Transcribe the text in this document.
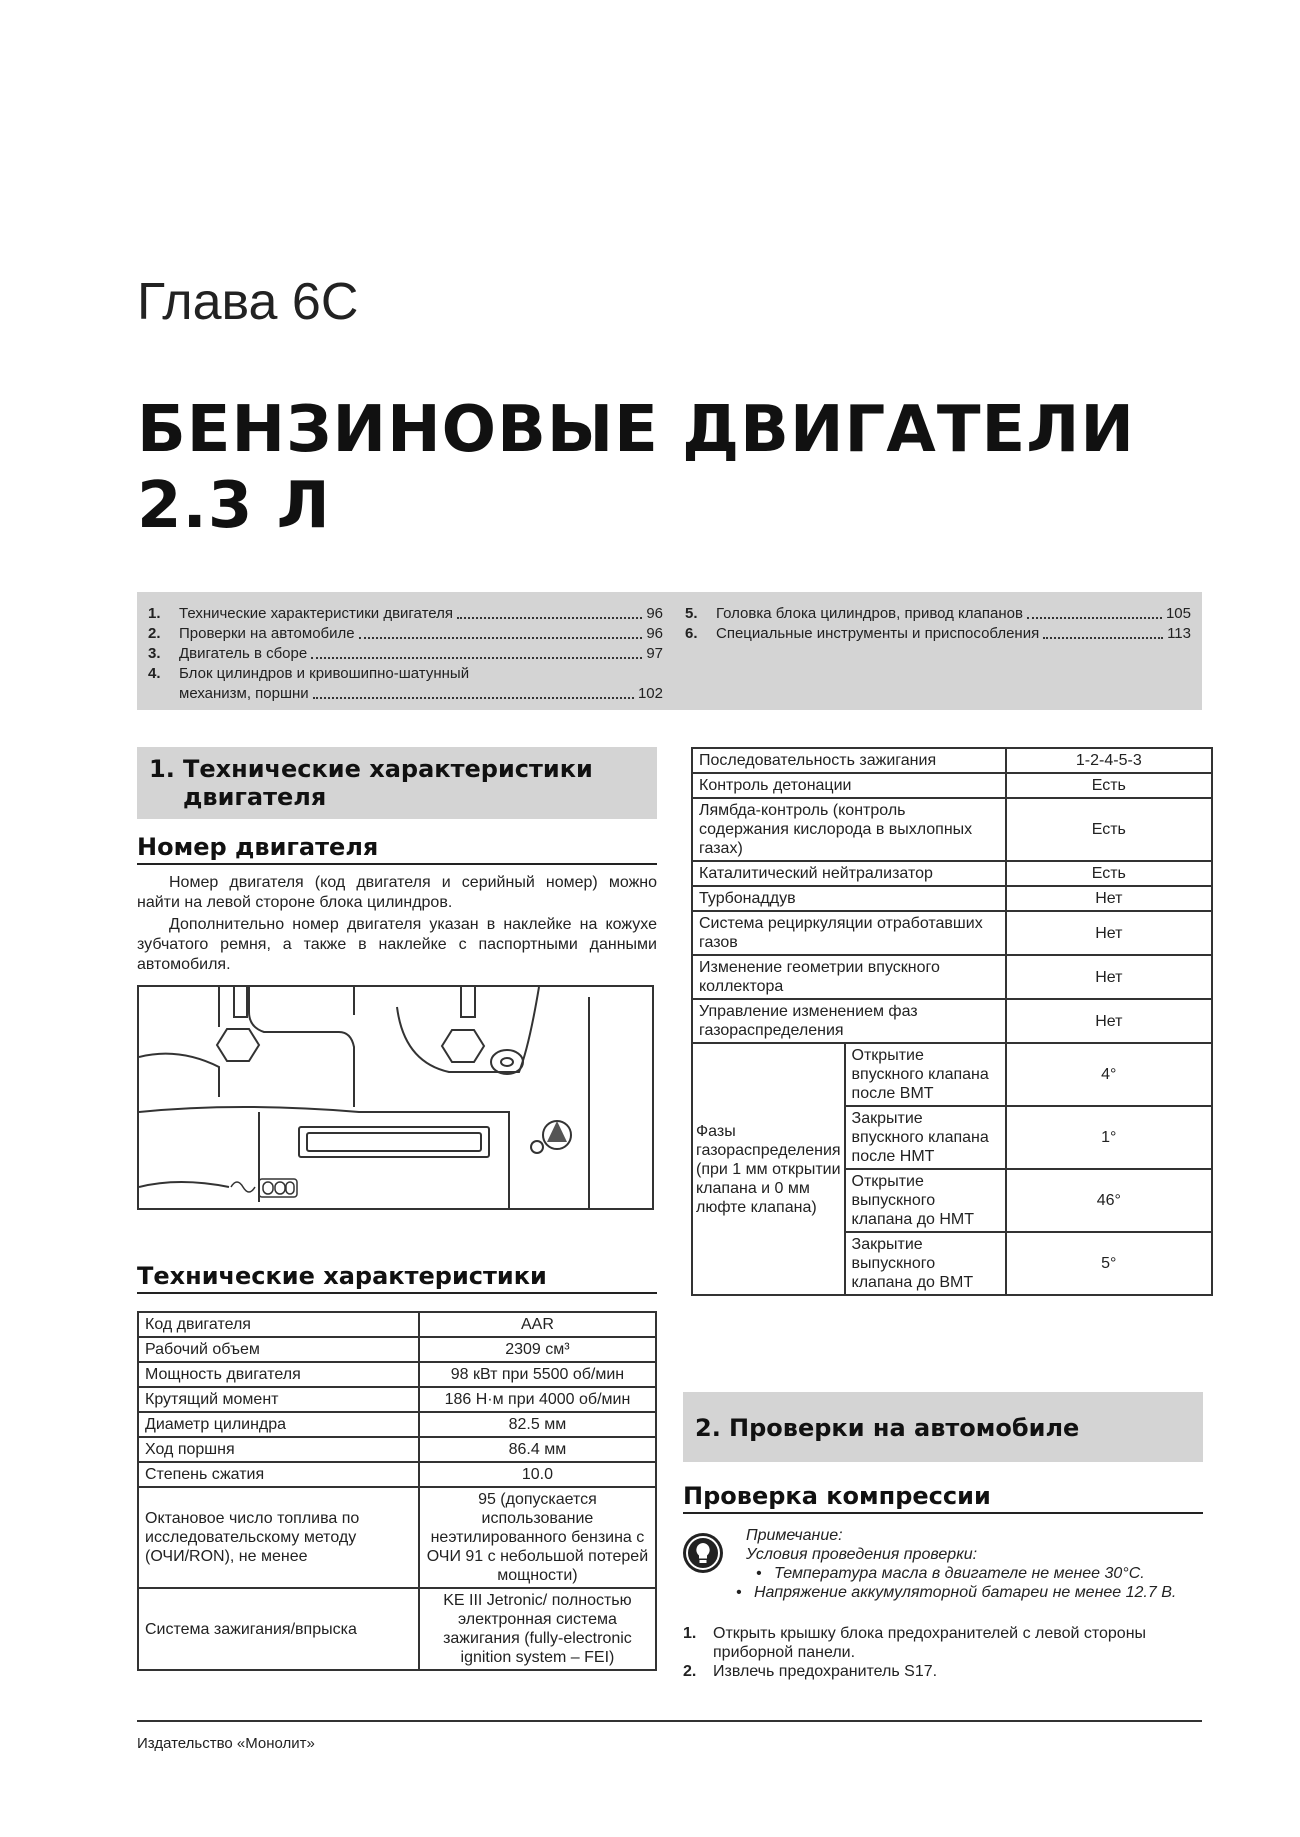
Глава 6С
БЕНЗИНОВЫЕ ДВИГАТЕЛИ
2.3 Л
1.	Технические характеристики двигателя	96
2.	Проверки на автомобиле	96
3.	Двигатель в сборе	97
4.	Блок цилиндров и кривошипно-шатунный
механизм, поршни	102
5.	Головка блока цилиндров, привод клапанов	105
6.	Специальные инструменты и приспособления	113
1. Технические характеристики
двигателя
Номер двигателя
Номер двигателя (код двигателя и серийный номер) можно найти на левой стороне блока цилиндров.
Дополнительно номер двигателя указан в наклейке на кожухе зубчатого ремня, а также в наклейке с паспортными данными автомобиля.
Технические характеристики
Код двигателя	AAR
Рабочий объем	2309 см³
Мощность двигателя	98 кВт при 5500 об/мин
Крутящий момент	186 Н·м при 4000 об/мин
Диаметр цилиндра	82.5 мм
Ход поршня	86.4 мм
Степень сжатия	10.0
Октановое число топлива по исследовательскому методу (ОЧИ/RON), не менее	95 (допускается использование неэтилированного бензина с ОЧИ 91 с небольшой потерей мощности)
Система зажигания/впрыска	KE III Jetronic/ полностью электронная система зажигания (fully-electronic ignition system – FEI)
Последовательность зажигания		1-2-4-5-3
Контроль детонации		Есть
Лямбда-контроль (контроль содержания кислорода в выхлопных газах)		Есть
Каталитический нейтрализатор		Есть
Турбонаддув		Нет
Система рециркуляции отработавших газов		Нет
Изменение геометрии впускного коллектора		Нет
Управление изменением фаз газораспределения		Нет
Фазы газораспределения (при 1 мм открытии клапана и 0 мм люфте клапана)	Открытие впускного клапана после ВМТ	4°
	Закрытие впускного клапана после НМТ	1°
	Открытие выпускного клапана до НМТ	46°
	Закрытие выпускного клапана до ВМТ	5°
2. Проверки на автомобиле
Проверка компрессии
Примечание:
Условия проведения проверки:
• Температура масла в двигателе не менее 30°С.
• Напряжение аккумуляторной батареи не менее 12.7 В.
1.	Открыть крышку блока предохранителей с левой стороны приборной панели.
2.	Извлечь предохранитель S17.
Издательство «Монолит»
